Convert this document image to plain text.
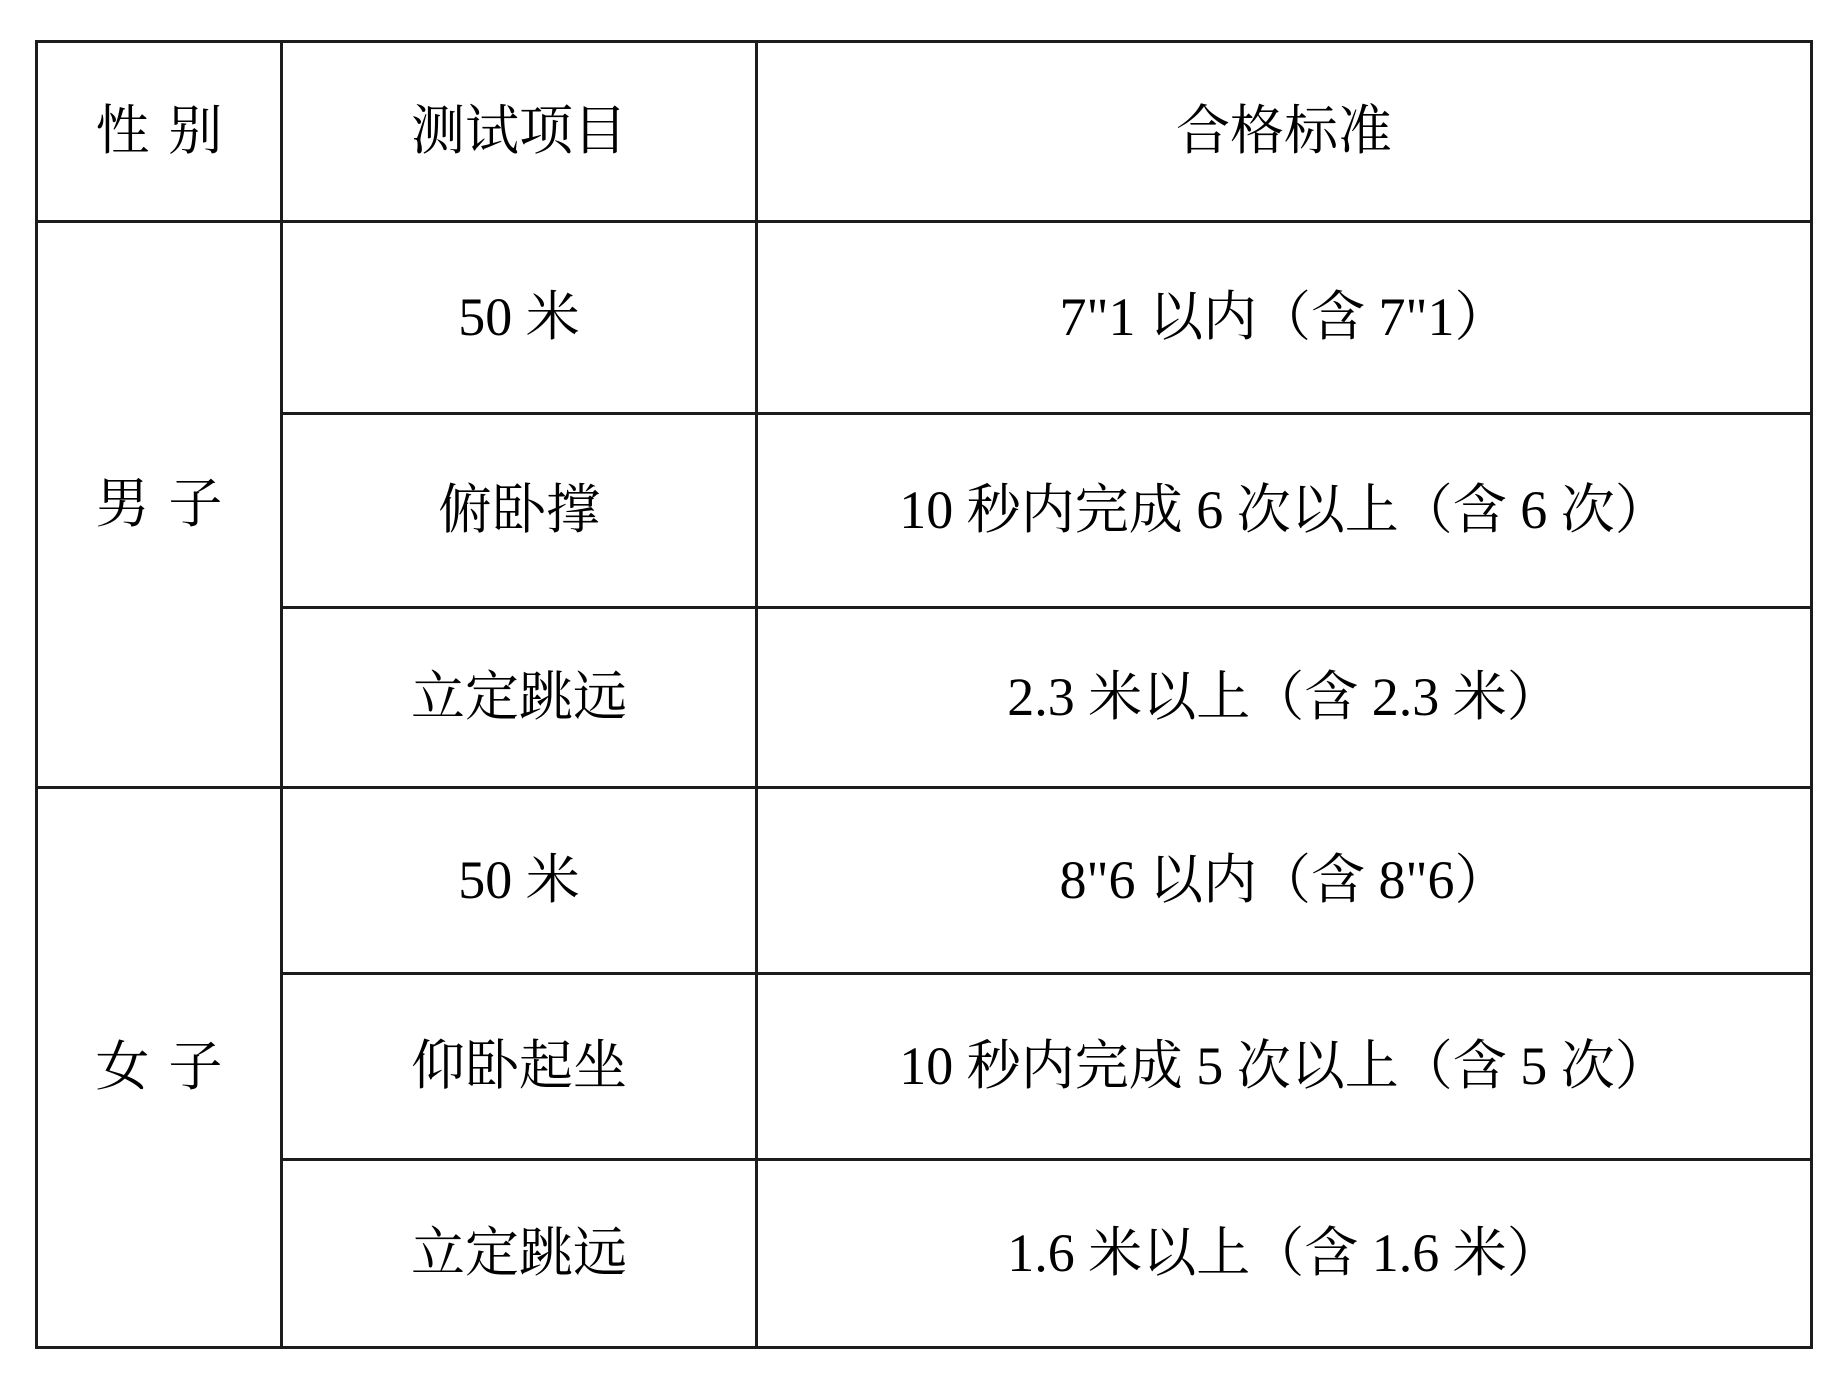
性别	测试项目	合格标准
男子	50 米	7"1 以内（含 7"1）
	俯卧撑	10 秒内完成 6 次以上（含 6 次）
	立定跳远	2.3 米以上（含 2.3 米）
女子	50 米	8"6 以内（含 8"6）
	仰卧起坐	10 秒内完成 5 次以上（含 5 次）
	立定跳远	1.6 米以上（含 1.6 米）
